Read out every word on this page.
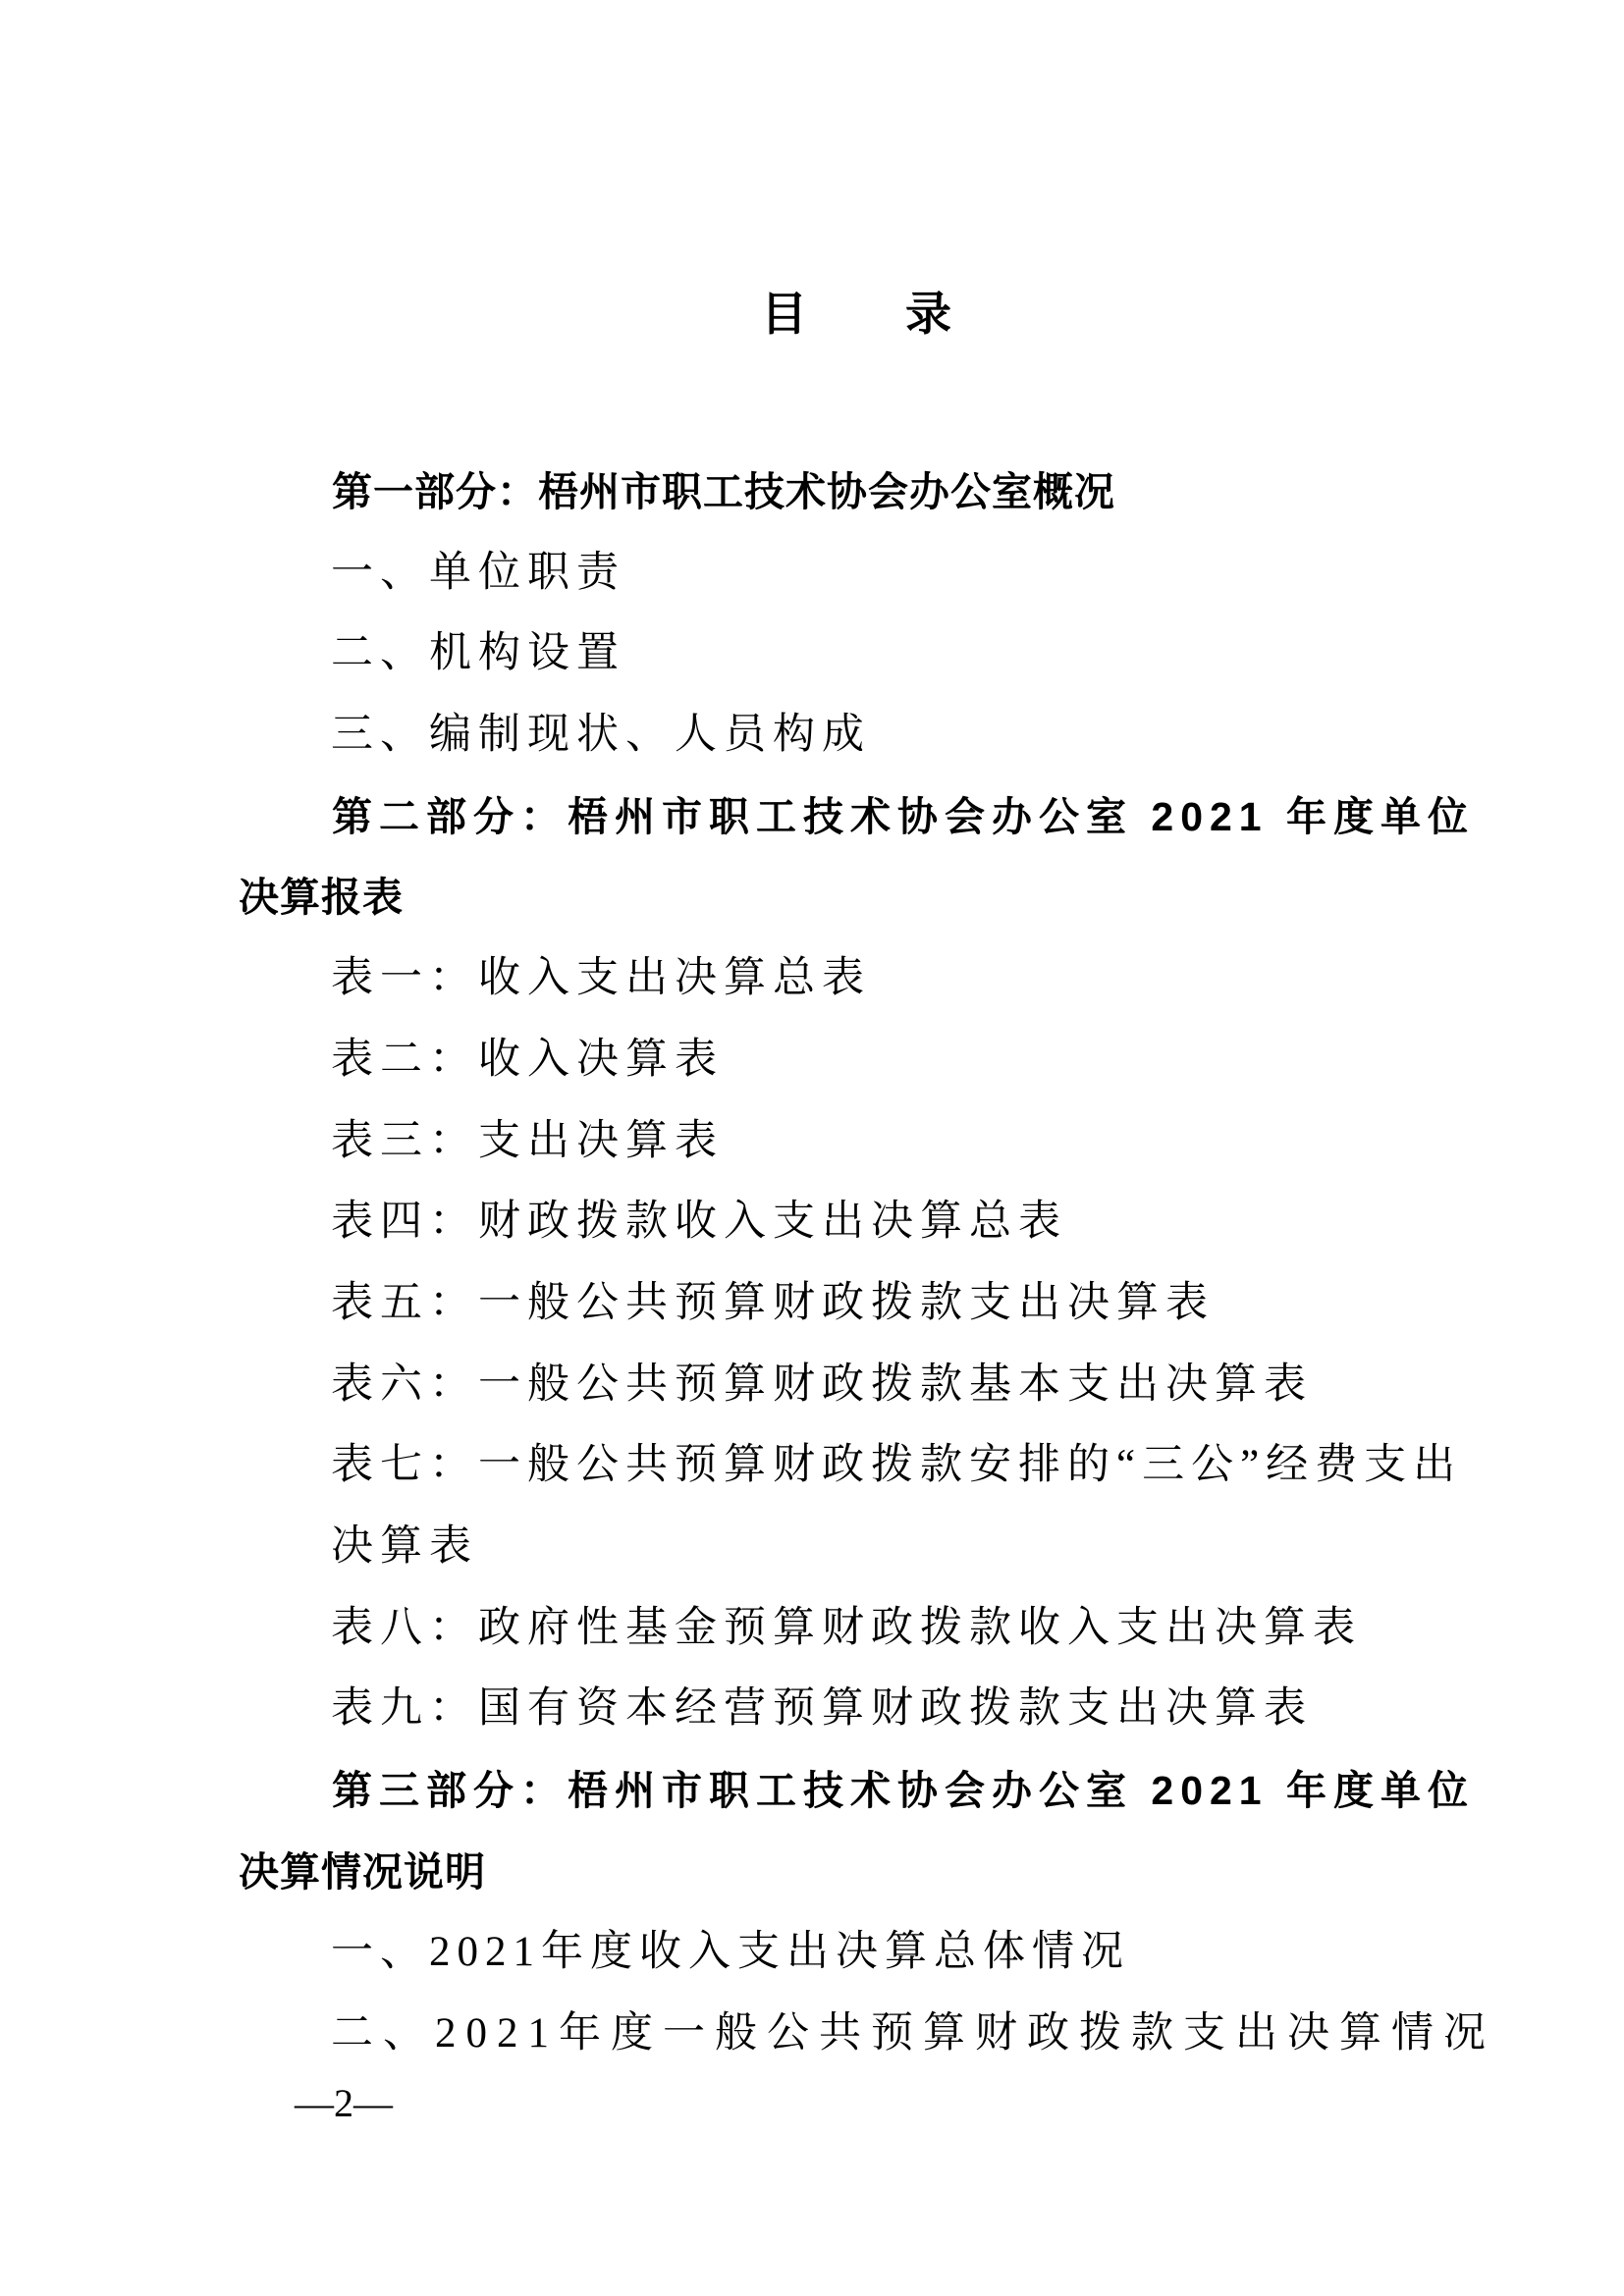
目　　录
第一部分：梧州市职工技术协会办公室概况
一、单位职责
二、机构设置
三、编制现状、人员构成
第二部分：梧州市职工技术协会办公室 2021 年度单位
决算报表
表一：收入支出决算总表
表二：收入决算表
表三：支出决算表
表四：财政拨款收入支出决算总表
表五：一般公共预算财政拨款支出决算表
表六：一般公共预算财政拨款基本支出决算表
表七：一般公共预算财政拨款安排的“三公”经费支出
决算表
表八：政府性基金预算财政拨款收入支出决算表
表九：国有资本经营预算财政拨款支出决算表
第三部分：梧州市职工技术协会办公室 2021 年度单位
决算情况说明
一、2021年度收入支出决算总体情况
二、2021年度一般公共预算财政拨款支出决算情况
—2—
